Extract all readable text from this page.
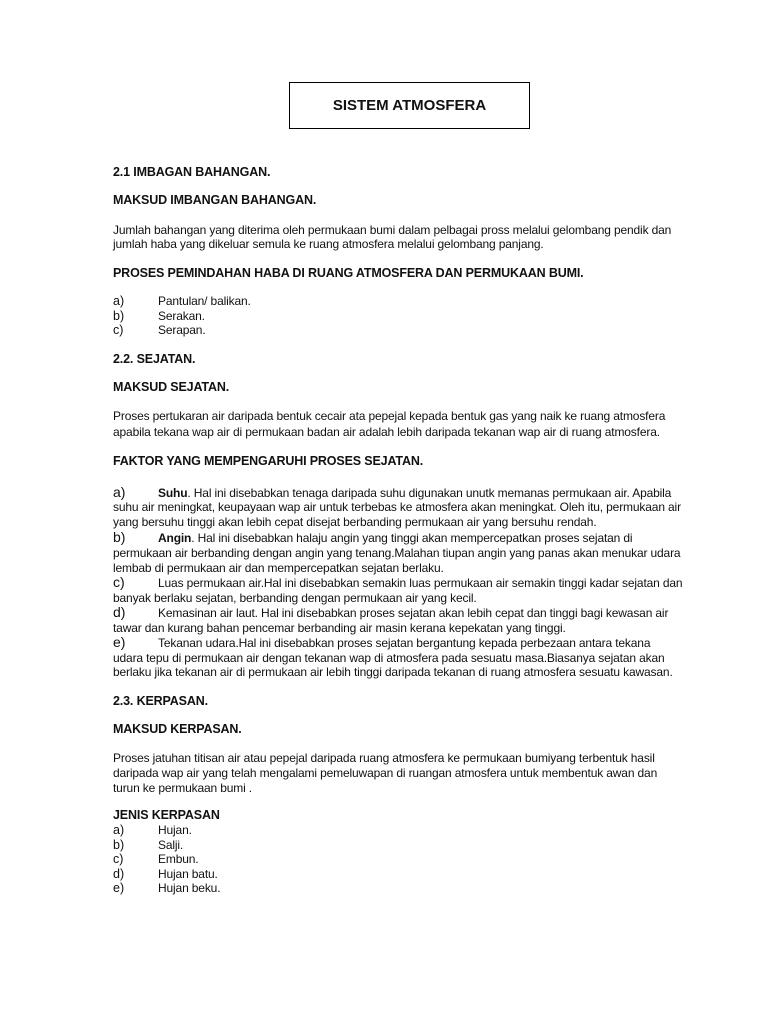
SISTEM ATMOSFERA
2.1 IMBAGAN BAHANGAN.
MAKSUD IMBANGAN BAHANGAN.
Jumlah bahangan yang diterima oleh permukaan bumi dalam pelbagai pross melalui gelombang pendik dan
jumlah haba yang dikeluar semula ke ruang atmosfera melalui gelombang panjang.
PROSES PEMINDAHAN HABA DI RUANG ATMOSFERA DAN PERMUKAAN BUMI.
a)	Pantulan/ balikan.
b)	Serakan.
c)	Serapan.
2.2. SEJATAN.
MAKSUD SEJATAN.
Proses pertukaran air daripada bentuk cecair ata pepejal kepada bentuk gas yang naik ke ruang atmosfera
apabila tekana wap air di permukaan badan air adalah lebih daripada tekanan wap air di ruang atmosfera.
FAKTOR YANG MEMPENGARUHI PROSES SEJATAN.
a)	Suhu. Hal ini disebabkan tenaga daripada suhu digunakan unutk memanas permukaan air. Apabila
suhu air meningkat, keupayaan wap air untuk terbebas ke atmosfera akan meningkat. Oleh itu, permukaan air
yang bersuhu tinggi akan lebih cepat disejat berbanding permukaan air yang bersuhu rendah.
b)	Angin. Hal ini disebabkan halaju angin yang tinggi akan mempercepatkan proses sejatan di
permukaan air berbanding dengan angin yang tenang.Malahan tiupan angin yang panas akan menukar udara
lembab di permukaan air dan mempercepatkan sejatan berlaku.
c)	Luas permukaan air.Hal ini disebabkan semakin luas permukaan air semakin tinggi kadar sejatan dan
banyak berlaku sejatan, berbanding dengan permukaan air yang kecil.
d)	Kemasinan air laut. Hal ini disebabkan proses sejatan akan lebih cepat dan tinggi bagi kewasan air
tawar dan kurang bahan pencemar berbanding air masin kerana kepekatan yang tinggi.
e)	Tekanan udara.Hal ini disebabkan proses sejatan bergantung kepada perbezaan antara tekana
udara tepu di permukaan air dengan tekanan wap di atmosfera pada sesuatu masa.Biasanya sejatan akan
berlaku jika tekanan air di permukaan air lebih tinggi daripada tekanan di ruang atmosfera sesuatu kawasan.
2.3. KERPASAN.
MAKSUD KERPASAN.
Proses jatuhan titisan air atau pepejal daripada ruang atmosfera ke permukaan bumiyang terbentuk hasil
daripada wap air yang telah mengalami pemeluwapan di ruangan atmosfera untuk membentuk awan dan
turun ke permukaan bumi .
JENIS KERPASAN
a)	Hujan.
b)	Salji.
c)	Embun.
d)	Hujan batu.
e)	Hujan beku.
